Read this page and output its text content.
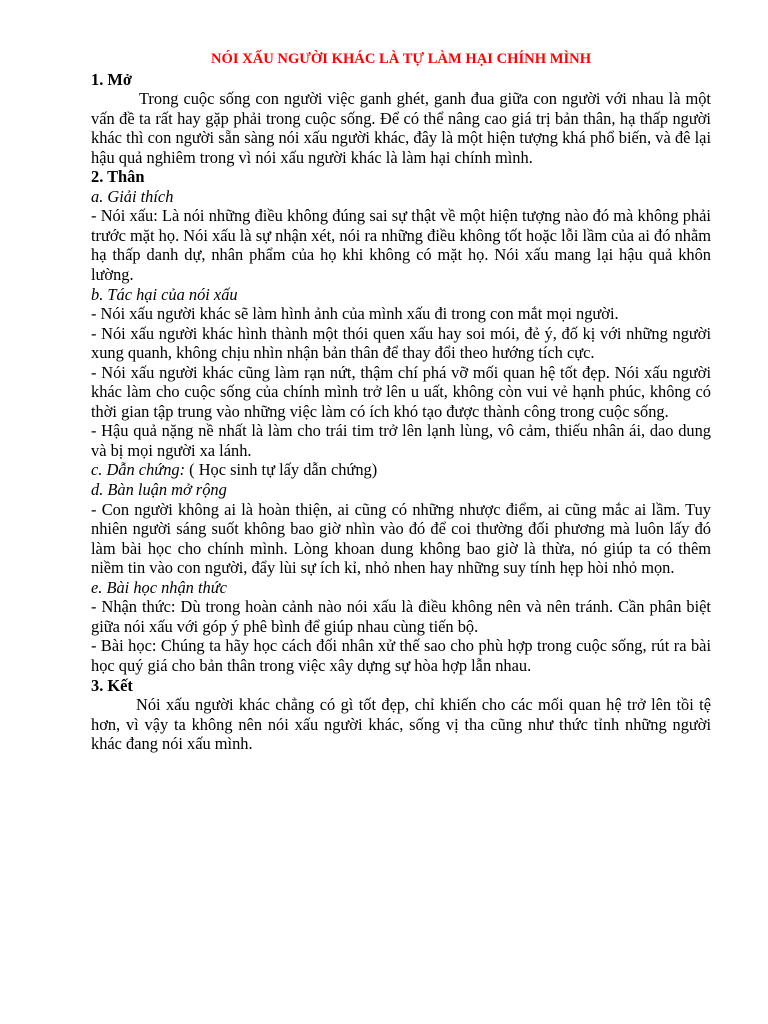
NÓI XẤU NGƯỜI KHÁC LÀ TỰ LÀM HẠI CHÍNH MÌNH

1. Mở

Trong cuộc sống con người việc ganh ghét, ganh đua giữa con người với nhau là một vấn đề ta rất hay gặp phải trong cuộc sống. Để có thể nâng cao giá trị bản thân, hạ thấp người khác thì con người sẵn sàng nói xấu người khác, đây là một hiện tượng khá phổ biến, và đê lại hậu quả nghiêm trong vì nói xấu người khác là làm hại chính mình.

2. Thân

a. Giải thích

- Nói xấu: Là nói những điều không đúng sai sự thật về một hiện tượng nào đó mà không phải trước mặt họ. Nói xấu là sự nhận xét, nói ra những điều không tốt hoặc lỗi lầm của ai đó nhằm hạ thấp danh dự, nhân phẩm của họ khi không có mặt họ. Nói xấu mang lại hậu quả khôn lường.

b. Tác hại của nói xấu

- Nói xấu người khác sẽ làm hình ảnh của mình xấu đi trong con mắt mọi người.

- Nói xấu người khác hình thành một thói quen xấu hay soi mói, đẻ ý, đố kị với những người xung quanh, không chịu nhìn nhận bản thân để thay đổi theo hướng tích cực.

- Nói xấu người khác cũng làm rạn nứt, thậm chí phá vỡ mối quan hệ tốt đẹp. Nói xấu người khác làm cho cuộc sống của chính mình trở lên u uất, không còn vui vẻ hạnh phúc, không có thời gian tập trung vào những việc làm có ích khó tạo được thành công trong cuộc sống.

- Hậu quả nặng nề nhất là làm cho trái tim trở lên lạnh lùng, vô cảm, thiếu nhân ái, dao dung và bị mọi người xa lánh.

c. Dẫn chứng: ( Học sinh tự lấy dẫn chứng)

d. Bàn luận mở rộng

- Con người không ai là hoàn thiện, ai cũng có những nhược điểm, ai cũng mắc ai lầm. Tuy nhiên người sáng suốt không bao giờ nhìn vào đó để coi thường đối phương mà luôn lấy đó làm bài học cho chính mình. Lòng khoan dung không bao giờ là thừa, nó giúp ta có thêm niềm tin vào con người, đẩy lùi sự ích kỉ, nhỏ nhen hay những suy tính hẹp hòi nhỏ mọn.

e. Bài học nhận thức

- Nhận thức: Dù trong hoàn cảnh nào nói xấu là điều không nên và nên tránh. Cần phân biệt giữa nói xấu với góp ý phê bình để giúp nhau cùng tiến bộ.

- Bài học: Chúng ta hãy học cách đối nhân xử thế sao cho phù hợp trong cuộc sống, rút ra bài học quý giá cho bản thân trong việc xây dựng sự hòa hợp lẫn nhau.

3. Kết

Nói xấu người khác chẳng có gì tốt đẹp, chỉ khiến cho các mối quan hệ trở lên tồi tệ hơn, vì vậy ta không nên nói xấu người khác, sống vị tha cũng như thức tỉnh những người khác đang nói xấu mình.
